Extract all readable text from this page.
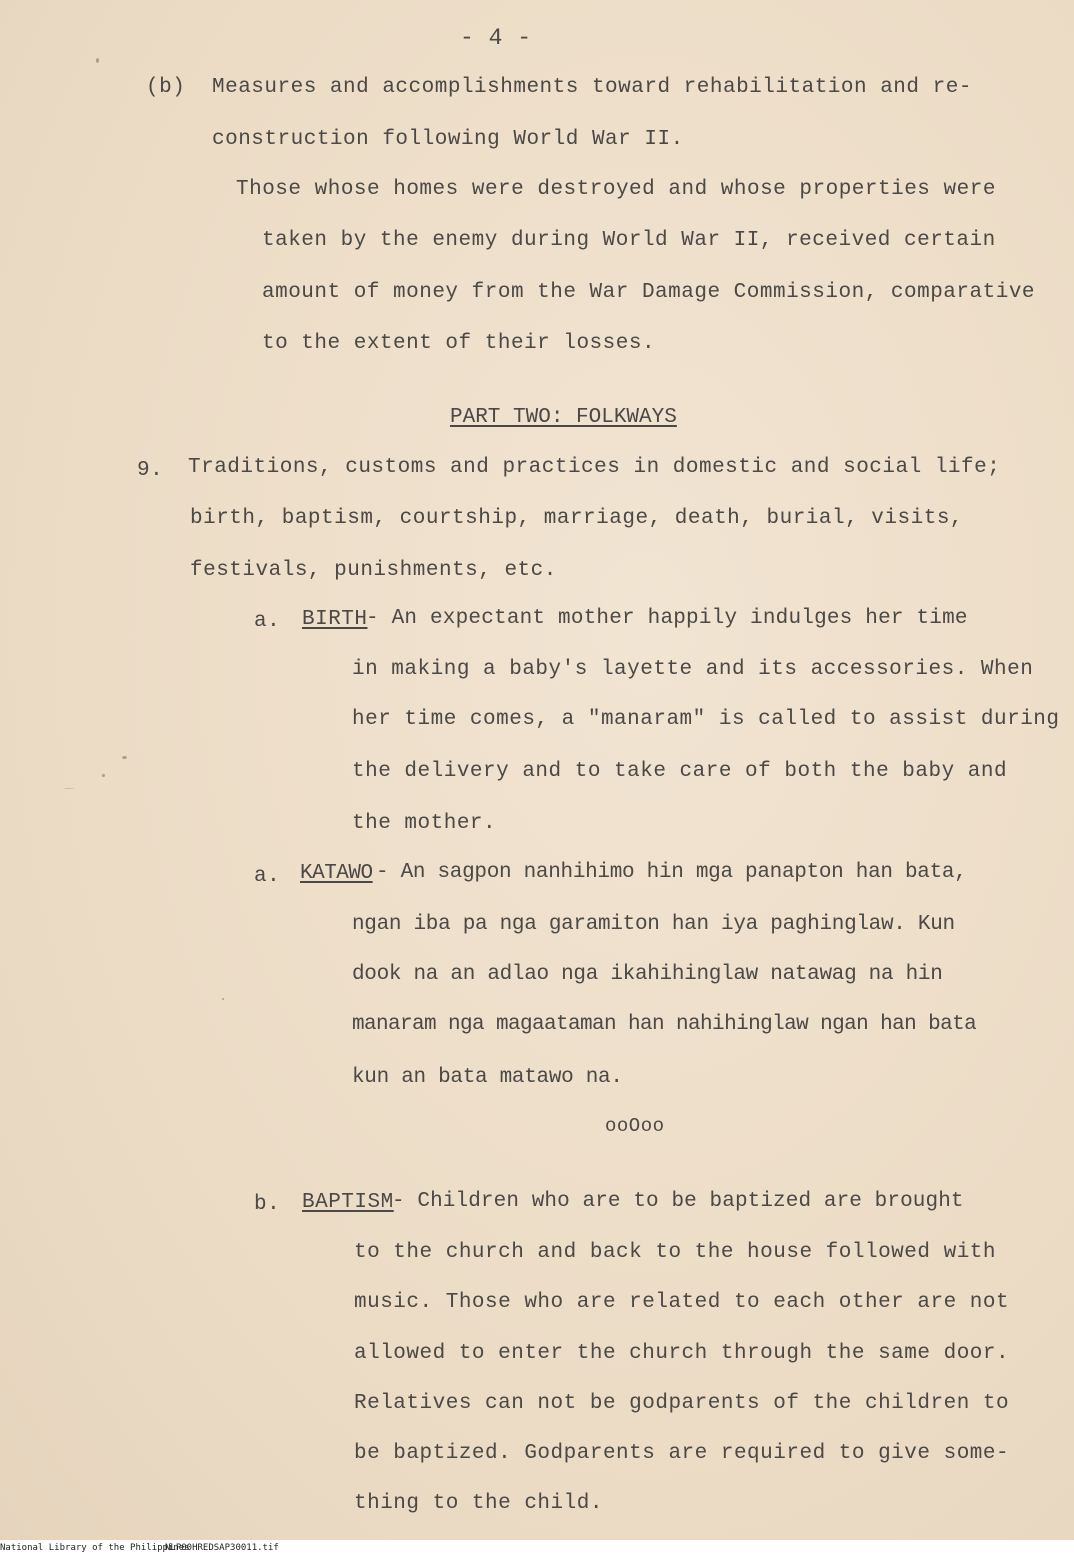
- 4 -
(b) Measures and accomplishments toward rehabilitation and re-
construction following World War II.
Those whose homes were destroyed and whose properties were
taken by the enemy during World War II, received certain
amount of money from the War Damage Commission, comparative
to the extent of their losses.
PART TWO: FOLKWAYS
9. Traditions, customs and practices in domestic and social life;
birth, baptism, courtship, marriage, death, burial, visits,
festivals, punishments, etc.
a. BIRTH
- An expectant mother happily indulges her time
in making a baby's layette and its accessories. When
her time comes, a "manaram" is called to assist during
the delivery and to take care of both the baby and
the mother.
a. KATAWO - An sagpon nanhihimo hin mga panapton han bata,
ngan iba pa nga garamiton han iya paghinglaw. Kun
dook na an adlao nga ikahihinglaw natawag na hin
manaram nga magaataman han nahihinglaw ngan han bata
kun an bata matawo na.
ooOoo
b. BAPTISM
- Children who are to be baptized are brought
to the church and back to the house followed with
music. Those who are related to each other are not
allowed to enter the church through the same door.
Relatives can not be godparents of the children to
be baptized. Godparents are required to give some-
thing to the child.
National Library of the Philippines
NLP00HREDSAP30011.tif
